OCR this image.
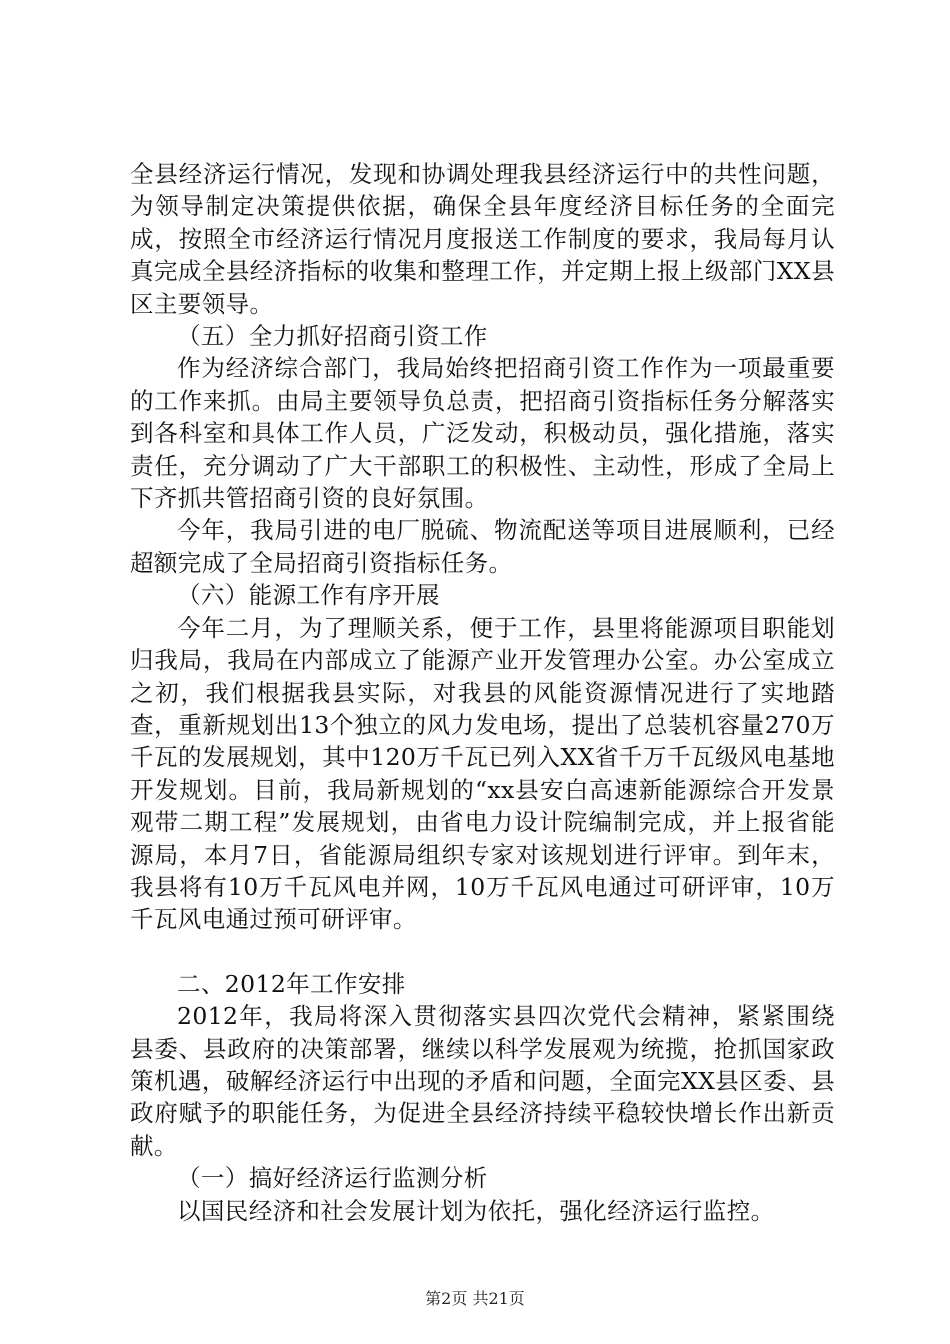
全县经济运行情况，发现和协调处理我县经济运行中的共性问题，为领导制定决策提供依据，确保全县年度经济目标任务的全面完成，按照全市经济运行情况月度报送工作制度的要求，我局每月认真完成全县经济指标的收集和整理工作，并定期上报上级部门XX县区主要领导。

（五）全力抓好招商引资工作

作为经济综合部门，我局始终把招商引资工作作为一项最重要的工作来抓。由局主要领导负总责，把招商引资指标任务分解落实到各科室和具体工作人员，广泛发动，积极动员，强化措施，落实责任，充分调动了广大干部职工的积极性、主动性，形成了全局上下齐抓共管招商引资的良好氛围。

今年，我局引进的电厂脱硫、物流配送等项目进展顺利，已经超额完成了全局招商引资指标任务。

（六）能源工作有序开展

今年二月，为了理顺关系，便于工作，县里将能源项目职能划归我局，我局在内部成立了能源产业开发管理办公室。办公室成立之初，我们根据我县实际，对我县的风能资源情况进行了实地踏查，重新规划出13个独立的风力发电场，提出了总装机容量270万千瓦的发展规划，其中120万千瓦已列入XX省千万千瓦级风电基地开发规划。目前，我局新规划的“xx县安白高速新能源综合开发景观带二期工程”发展规划，由省电力设计院编制完成，并上报省能源局，本月7日，省能源局组织专家对该规划进行评审。到年末，我县将有10万千瓦风电并网，10万千瓦风电通过可研评审，10万千瓦风电通过预可研评审。

二、2012年工作安排

2012年，我局将深入贯彻落实县四次党代会精神，紧紧围绕县委、县政府的决策部署，继续以科学发展观为统揽，抢抓国家政策机遇，破解经济运行中出现的矛盾和问题，全面完XX县区委、县政府赋予的职能任务，为促进全县经济持续平稳较快增长作出新贡献。

（一）搞好经济运行监测分析

以国民经济和社会发展计划为依托，强化经济运行监控。

第2页 共21页
